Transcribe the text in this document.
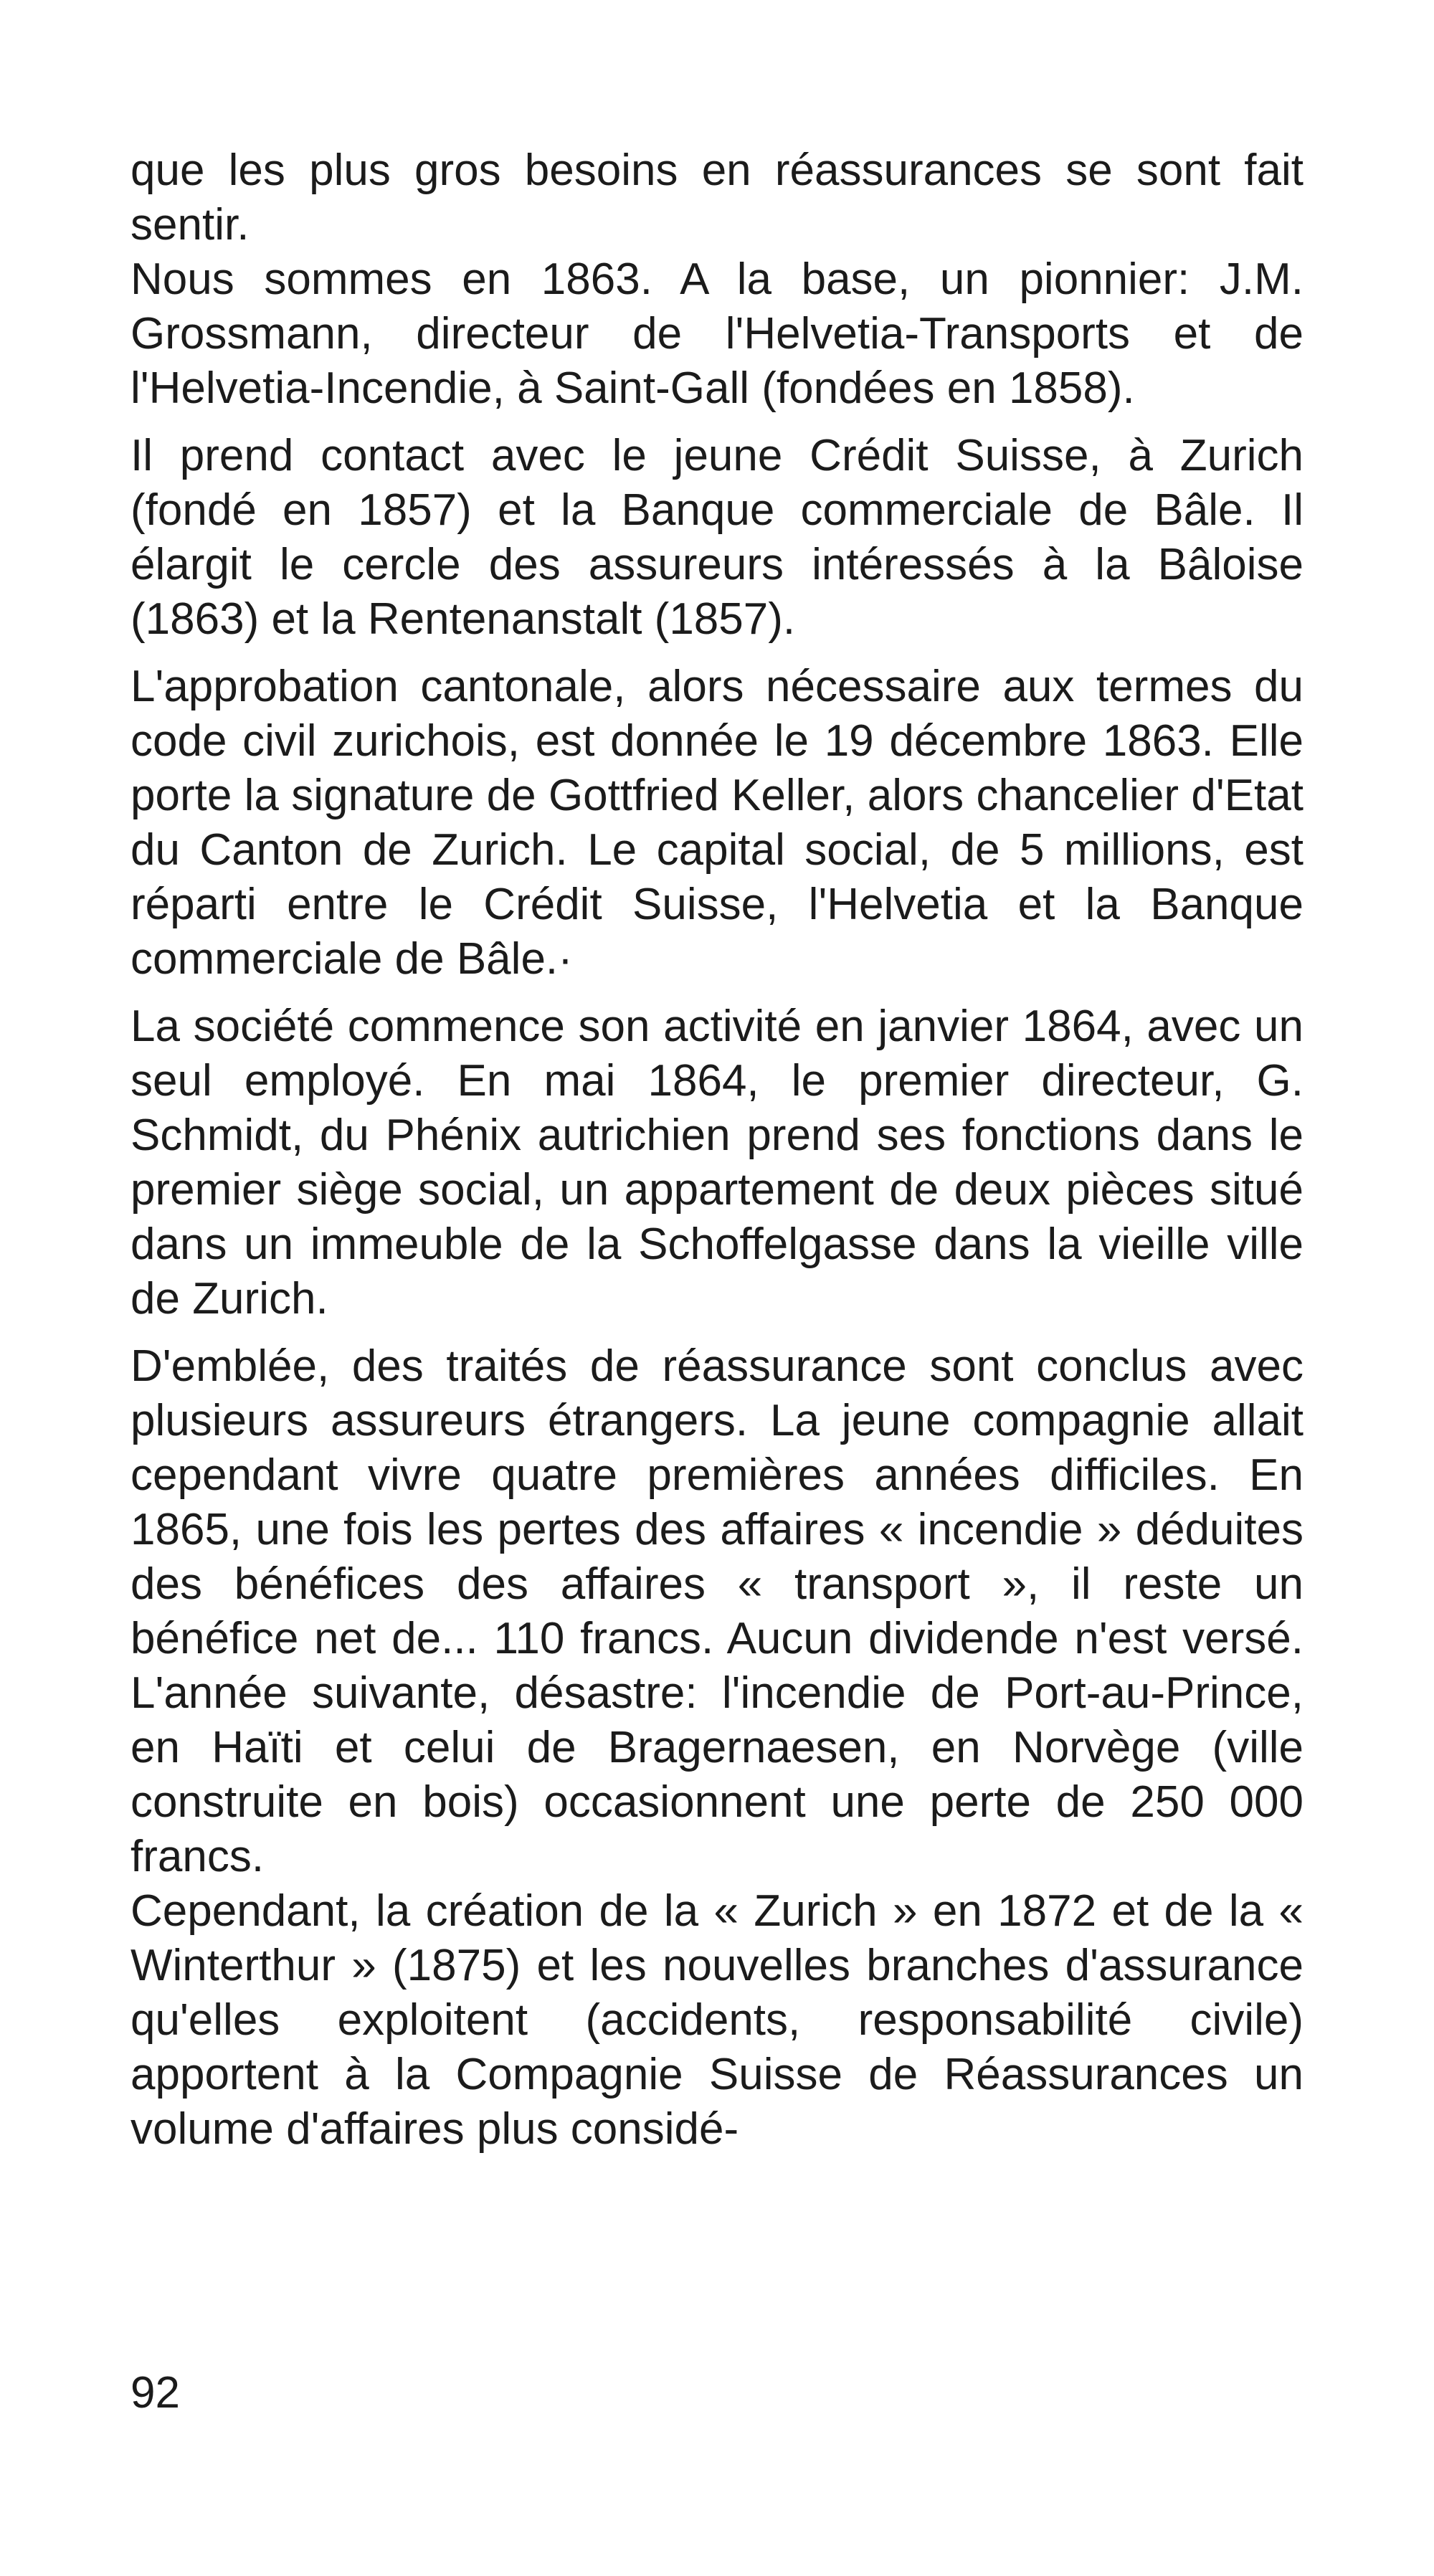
que les plus gros besoins en réassurances se sont fait sentir.

Nous sommes en 1863. A la base, un pionnier: J.M. Grossmann, directeur de l'Helvetia-Transports et de l'Helvetia-Incendie, à Saint-Gall (fondées en 1858).

Il prend contact avec le jeune Crédit Suisse, à Zurich (fondé en 1857) et la Banque commerciale de Bâle. Il élargit le cercle des assureurs intéressés à la Bâloise (1863) et la Rentenanstalt (1857).

L'approbation cantonale, alors nécessaire aux termes du code civil zurichois, est donnée le 19 décembre 1863. Elle porte la signature de Gottfried Keller, alors chancelier d'Etat du Canton de Zurich. Le capital social, de 5 millions, est réparti entre le Crédit Suisse, l'Helvetia et la Banque commerciale de Bâle.·

La société commence son activité en janvier 1864, avec un seul employé. En mai 1864, le premier directeur, G. Schmidt, du Phénix autrichien prend ses fonctions dans le premier siège social, un appartement de deux pièces situé dans un immeuble de la Schoffelgasse dans la vieille ville de Zurich.

D'emblée, des traités de réassurance sont conclus avec plusieurs assureurs étrangers. La jeune compagnie allait cependant vivre quatre premières années difficiles. En 1865, une fois les pertes des affaires « incendie » déduites des bénéfices des affaires « transport », il reste un bénéfice net de... 110 francs. Aucun dividende n'est versé. L'année suivante, désastre: l'incendie de Port-au-Prince, en Haïti et celui de Bragernaesen, en Norvège (ville construite en bois) occasionnent une perte de 250 000 francs.

Cependant, la création de la « Zurich » en 1872 et de la « Winterthur » (1875) et les nouvelles branches d'assurance qu'elles exploitent (accidents, responsabilité civile) apportent à la Compagnie Suisse de Réassurances un volume d'affaires plus considé-

92
